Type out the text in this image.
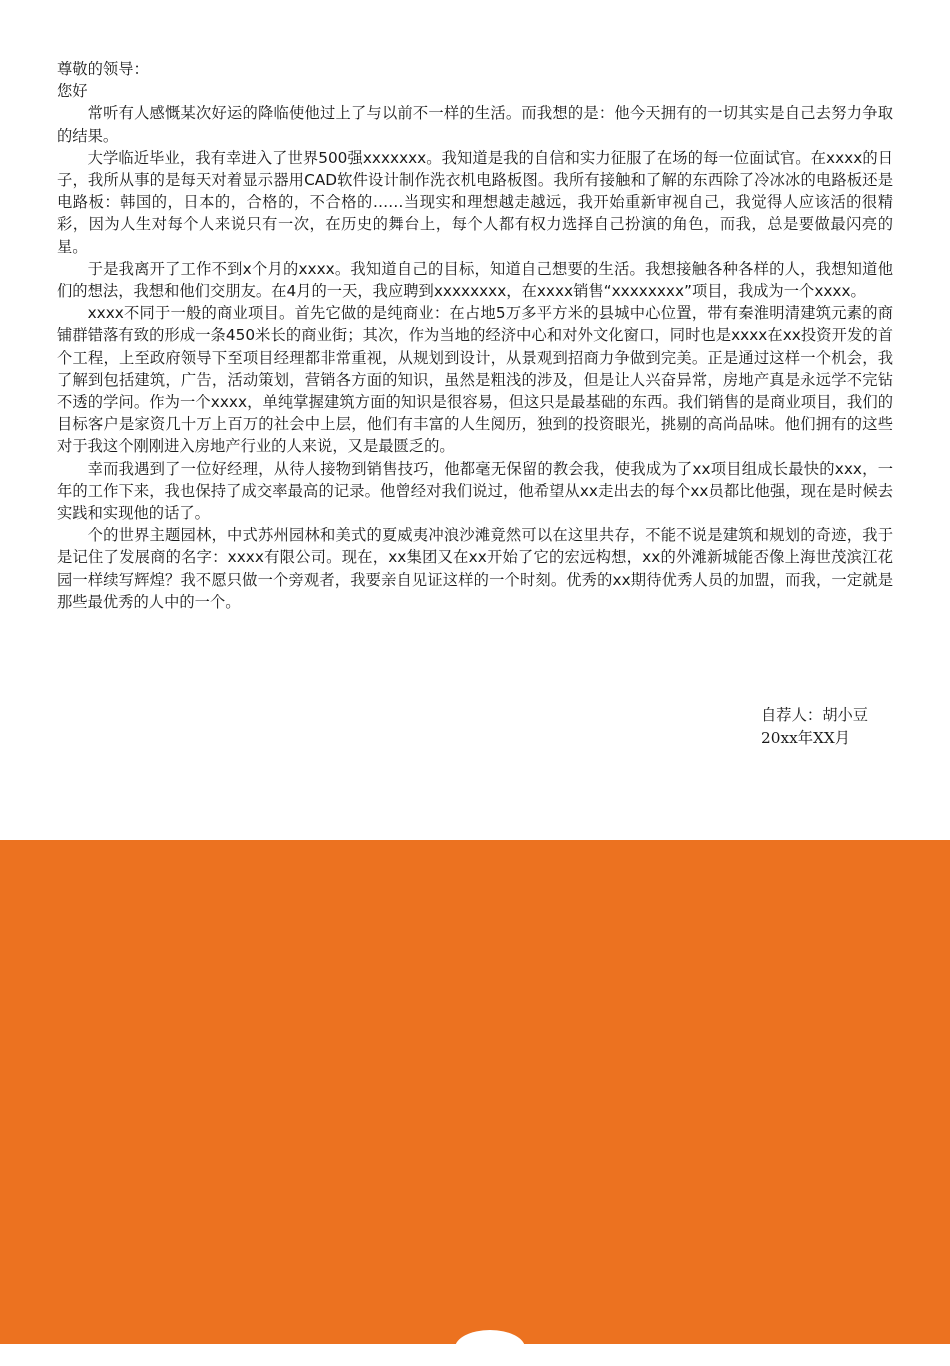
尊敬的领导：

您好

常听有人感慨某次好运的降临使他过上了与以前不一样的生活。而我想的是：他今天拥有的一切其实是自己去努力争取的结果。

大学临近毕业，我有幸进入了世界500强xxxxxxx。我知道是我的自信和实力征服了在场的每一位面试官。在xxxx的日子，我所从事的是每天对着显示器用CAD软件设计制作洗衣机电路板图。我所有接触和了解的东西除了冷冰冰的电路板还是电路板：韩国的，日本的，合格的，不合格的……当现实和理想越走越远，我开始重新审视自己，我觉得人应该活的很精彩，因为人生对每个人来说只有一次，在历史的舞台上，每个人都有权力选择自己扮演的角色，而我，总是要做最闪亮的星。

于是我离开了工作不到x个月的xxxx。我知道自己的目标，知道自己想要的生活。我想接触各种各样的人，我想知道他们的想法，我想和他们交朋友。在4月的一天，我应聘到xxxxxxxx，在xxxx销售“xxxxxxxx”项目，我成为一个xxxx。

xxxx不同于一般的商业项目。首先它做的是纯商业：在占地5万多平方米的县城中心位置，带有秦淮明清建筑元素的商铺群错落有致的形成一条450米长的商业街；其次，作为当地的经济中心和对外文化窗口，同时也是xxxx在xx投资开发的首个工程，上至政府领导下至项目经理都非常重视，从规划到设计，从景观到招商力争做到完美。正是通过这样一个机会，我了解到包括建筑，广告，活动策划，营销各方面的知识，虽然是粗浅的涉及，但是让人兴奋异常，房地产真是永远学不完钻不透的学问。作为一个xxxx，单纯掌握建筑方面的知识是很容易，但这只是最基础的东西。我们销售的是商业项目，我们的目标客户是家资几十万上百万的社会中上层，他们有丰富的人生阅历，独到的投资眼光，挑剔的高尚品味。他们拥有的这些对于我这个刚刚进入房地产行业的人来说，又是最匮乏的。

幸而我遇到了一位好经理，从待人接物到销售技巧，他都毫无保留的教会我，使我成为了xx项目组成长最快的xxx，一年的工作下来，我也保持了成交率最高的记录。他曾经对我们说过，他希望从xx走出去的每个xx员都比他强，现在是时候去实践和实现他的话了。

个的世界主题园林，中式苏州园林和美式的夏威夷冲浪沙滩竟然可以在这里共存，不能不说是建筑和规划的奇迹，我于是记住了发展商的名字：xxxx有限公司。现在，xx集团又在xx开始了它的宏远构想，xx的外滩新城能否像上海世茂滨江花园一样续写辉煌？我不愿只做一个旁观者，我要亲自见证这样的一个时刻。优秀的xx期待优秀人员的加盟，而我，一定就是那些最优秀的人中的一个。

自荐人：胡小豆
20xx年XX月
